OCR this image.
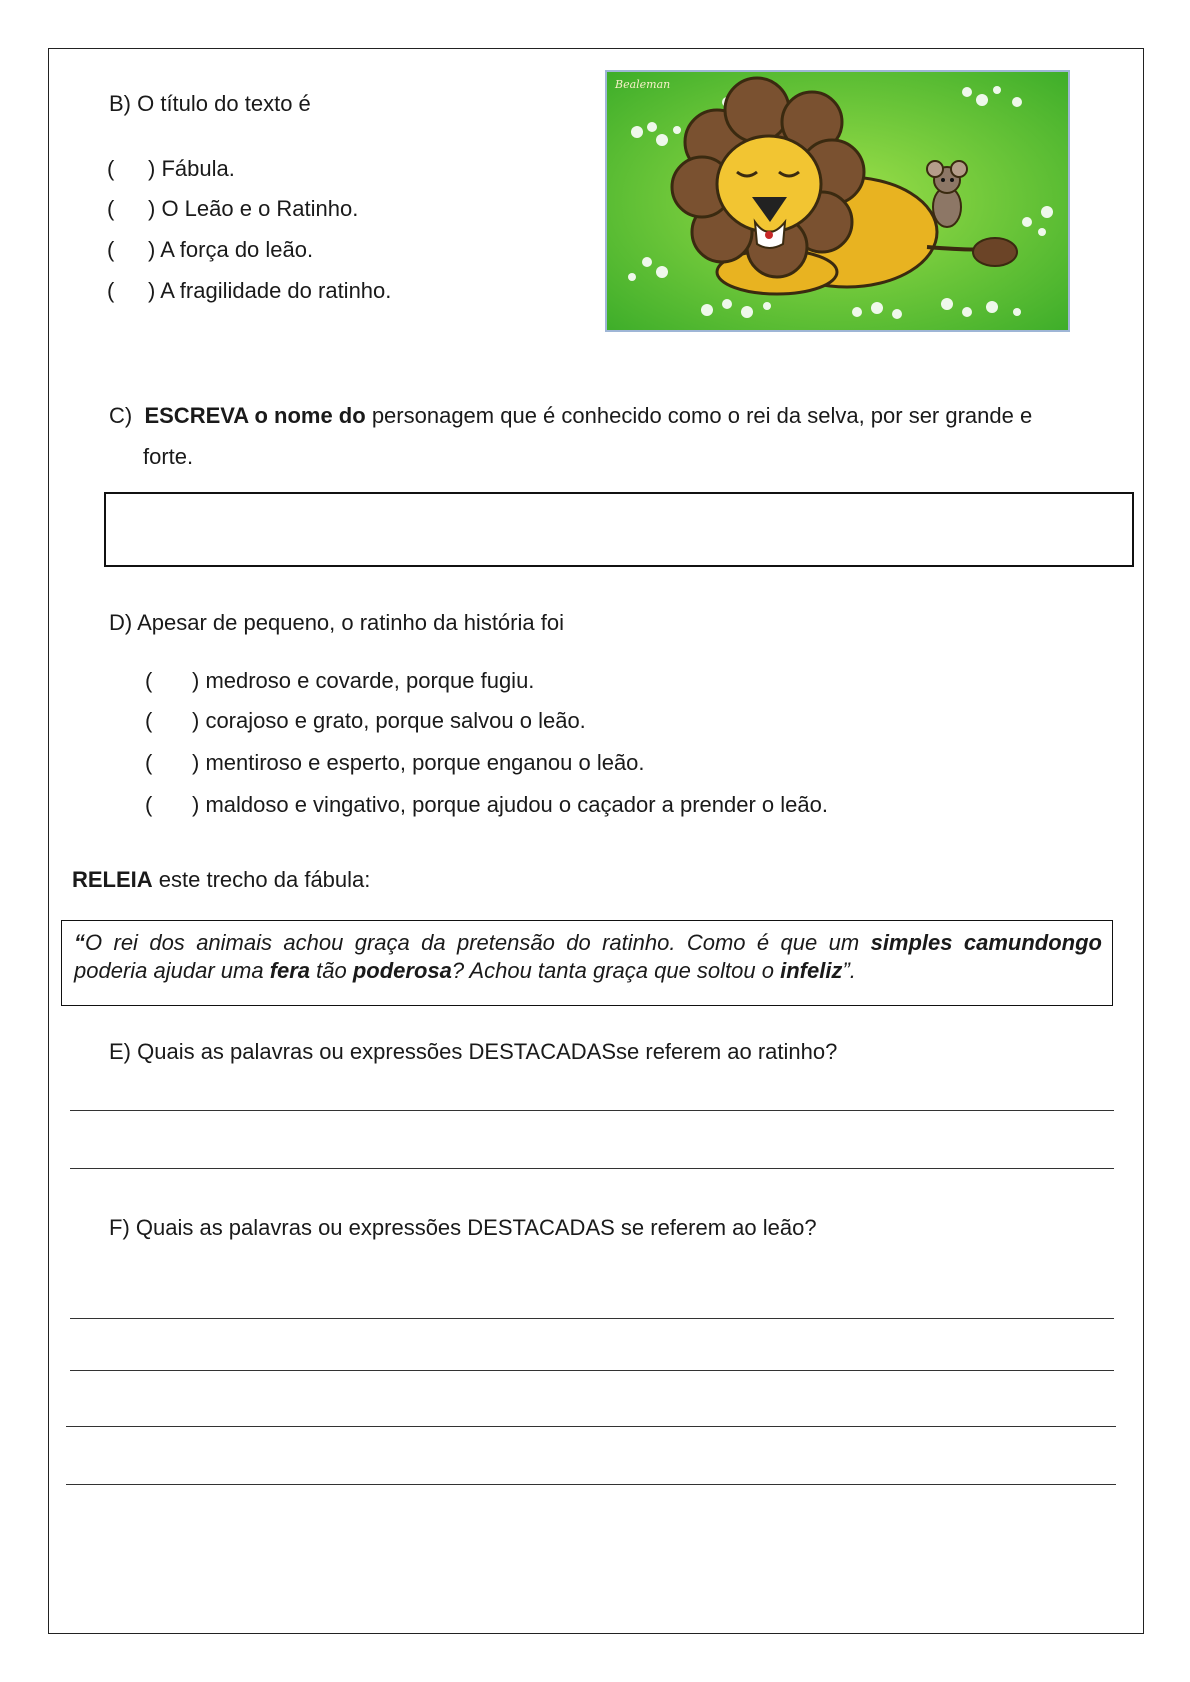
B) O título do texto é
( ) Fábula.
( ) O Leão e o Ratinho.
( ) A força do leão.
( ) A fragilidade do ratinho.
Bealeman
C) ESCREVA o nome do personagem que é conhecido como o rei da selva, por ser grande e
forte.
D) Apesar de pequeno, o ratinho da história foi
( ) medroso e covarde, porque fugiu.
( ) corajoso e grato, porque salvou o leão.
( ) mentiroso e esperto, porque enganou o leão.
( ) maldoso e vingativo, porque ajudou o caçador a prender o leão.
RELEIA este trecho da fábula:
“O rei dos animais achou graça da pretensão do ratinho. Como é que um simples camundongo poderia ajudar uma fera tão poderosa? Achou tanta graça que soltou o infeliz”.
E) Quais as palavras ou expressões DESTACADASse referem ao ratinho?
F) Quais as palavras ou expressões DESTACADAS se referem ao leão?
